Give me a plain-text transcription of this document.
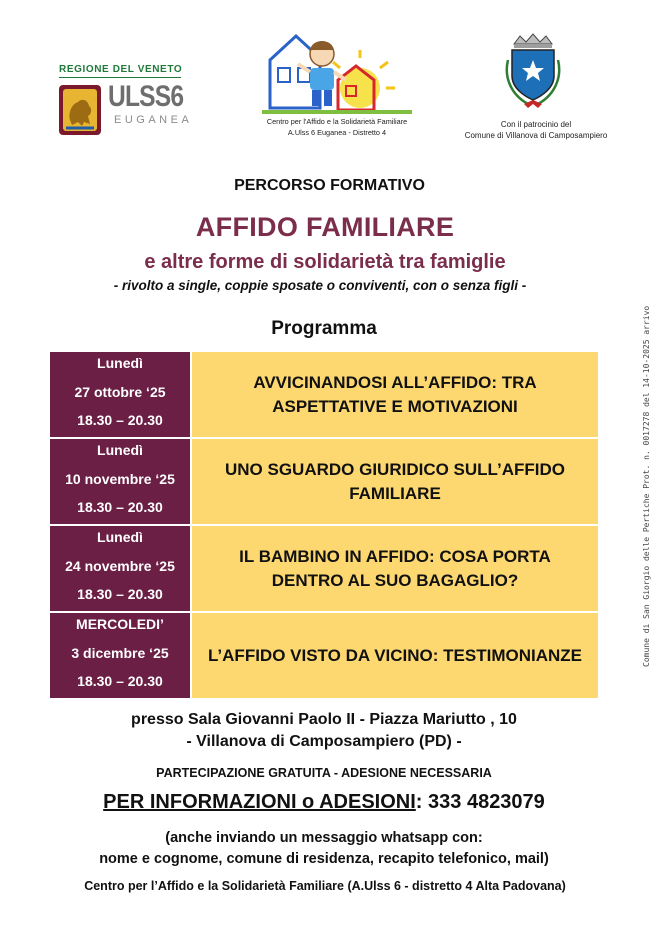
REGIONE DEL VENETO
ULSS6
EUGANEA	Centro per l'Affido e la Solidarietà Familiare
A.Ulss 6 Euganea - Distretto 4
Con il patrocinio del
Comune di Villanova di Camposampiero
PERCORSO FORMATIVO
AFFIDO FAMILIARE
e altre forme di solidarietà tra famiglie
- rivolto a single, coppie sposate o conviventi, con o senza figli -
Programma
Lunedì
27 ottobre ‘25
18.30 – 20.30
AVVICINANDOSI ALL’AFFIDO: TRA ASPETTATIVE E MOTIVAZIONI
Lunedì
10 novembre ‘25
18.30 – 20.30
UNO SGUARDO GIURIDICO SULL’AFFIDO FAMILIARE
Lunedì
24 novembre ‘25
18.30 – 20.30
IL BAMBINO IN AFFIDO: COSA PORTA DENTRO AL SUO BAGAGLIO?
MERCOLEDI’
3 dicembre ‘25
18.30 – 20.30
L’AFFIDO VISTO DA VICINO: TESTIMONIANZE
presso Sala Giovanni Paolo II - Piazza Mariutto , 10
- Villanova di Camposampiero (PD) -
PARTECIPAZIONE GRATUITA - ADESIONE NECESSARIA
PER INFORMAZIONI o ADESIONI: 333 4823079
(anche inviando un messaggio whatsapp con:
nome e cognome, comune di residenza, recapito telefonico, mail)
Centro per l’Affido e la Solidarietà Familiare (A.Ulss 6 - distretto 4 Alta Padovana)
Comune di San Giorgio delle Pertiche Prot. n. 0017278 del 14-10-2025 arrivo
